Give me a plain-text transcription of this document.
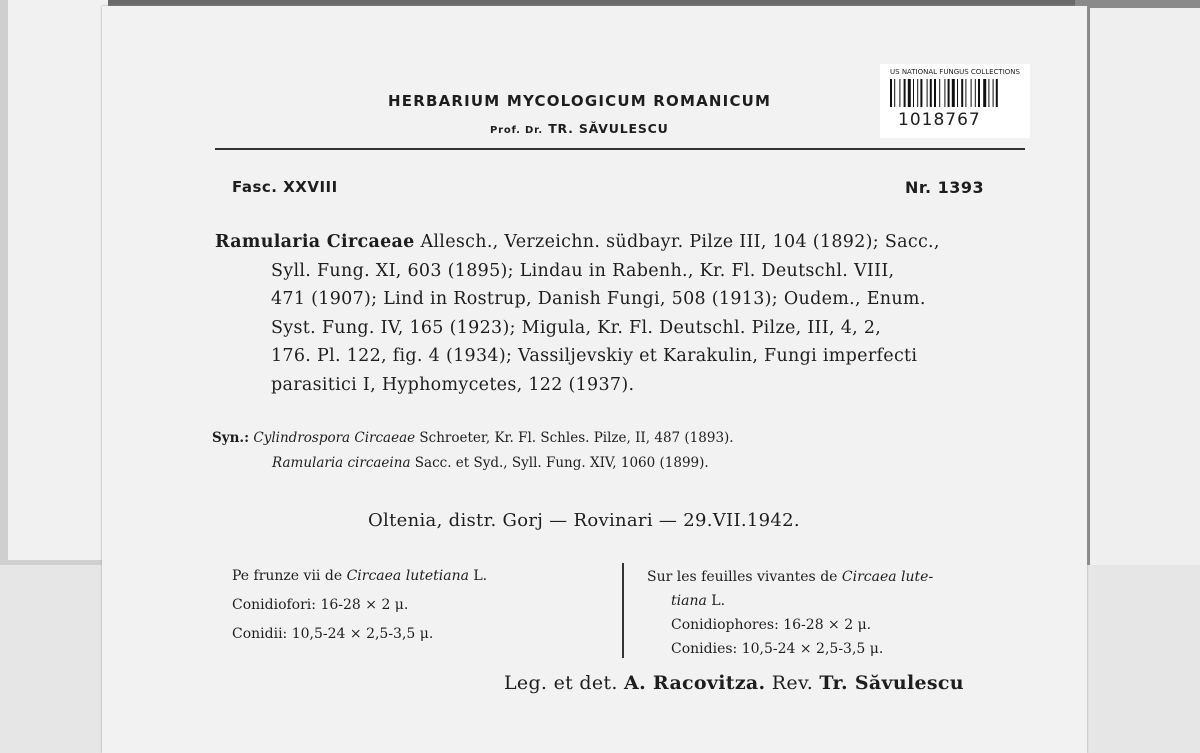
HERBARIUM MYCOLOGICUM ROMANICUM
Prof. Dr. TR. SĂVULESCU
US NATIONAL FUNGUS COLLECTIONS
1018767
Fasc. XXVIII	Nr. 1393
Ramularia Circaeae Allesch., Verzeichn. südbayr. Pilze III, 104 (1892); Sacc.,
Syll. Fung. XI, 603 (1895); Lindau in Rabenh., Kr. Fl. Deutschl. VIII,
471 (1907); Lind in Rostrup, Danish Fungi, 508 (1913); Oudem., Enum.
Syst. Fung. IV, 165 (1923); Migula, Kr. Fl. Deutschl. Pilze, III, 4, 2,
176. Pl. 122, fig. 4 (1934); Vassiljevskiy et Karakulin, Fungi imperfecti
parasitici I, Hyphomycetes, 122 (1937).
Syn.: Cylindrospora Circaeae Schroeter, Kr. Fl. Schles. Pilze, II, 487 (1893).
Ramularia circaeina Sacc. et Syd., Syll. Fung. XIV, 1060 (1899).
Oltenia, distr. Gorj — Rovinari — 29.VII.1942.
Pe frunze vii de Circaea lutetiana L.
Conidiofori: 16-28 × 2 μ.
Conidii: 10,5-24 × 2,5-3,5 μ.
Sur les feuilles vivantes de Circaea lute-
tiana L.
Conidiophores: 16-28 × 2 μ.
Conidies: 10,5-24 × 2,5-3,5 μ.
Leg. et det. A. Racovitza. Rev. Tr. Săvulescu
